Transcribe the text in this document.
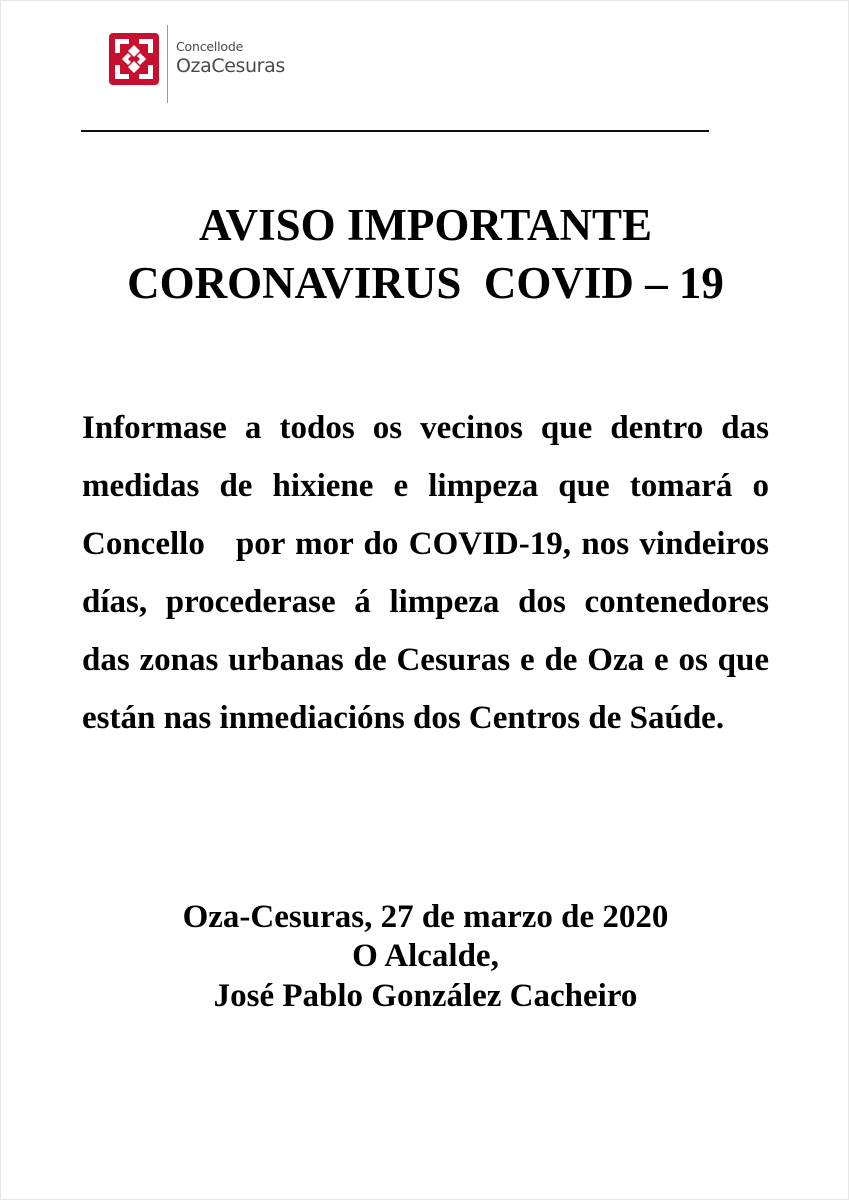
Concellode
OzaCesuras
AVISO IMPORTANTE
CORONAVIRUS  COVID – 19

Informase a todos os vecinos que dentro das medidas de hixiene e limpeza que tomará o Concello   por mor do COVID-19, nos vindeiros días, procederase á limpeza dos contenedores das zonas urbanas de Cesuras e de Oza e os que están nas inmediacións dos Centros de Saúde.

Oza-Cesuras, 27 de marzo de 2020

O Alcalde,

José Pablo González Cacheiro
